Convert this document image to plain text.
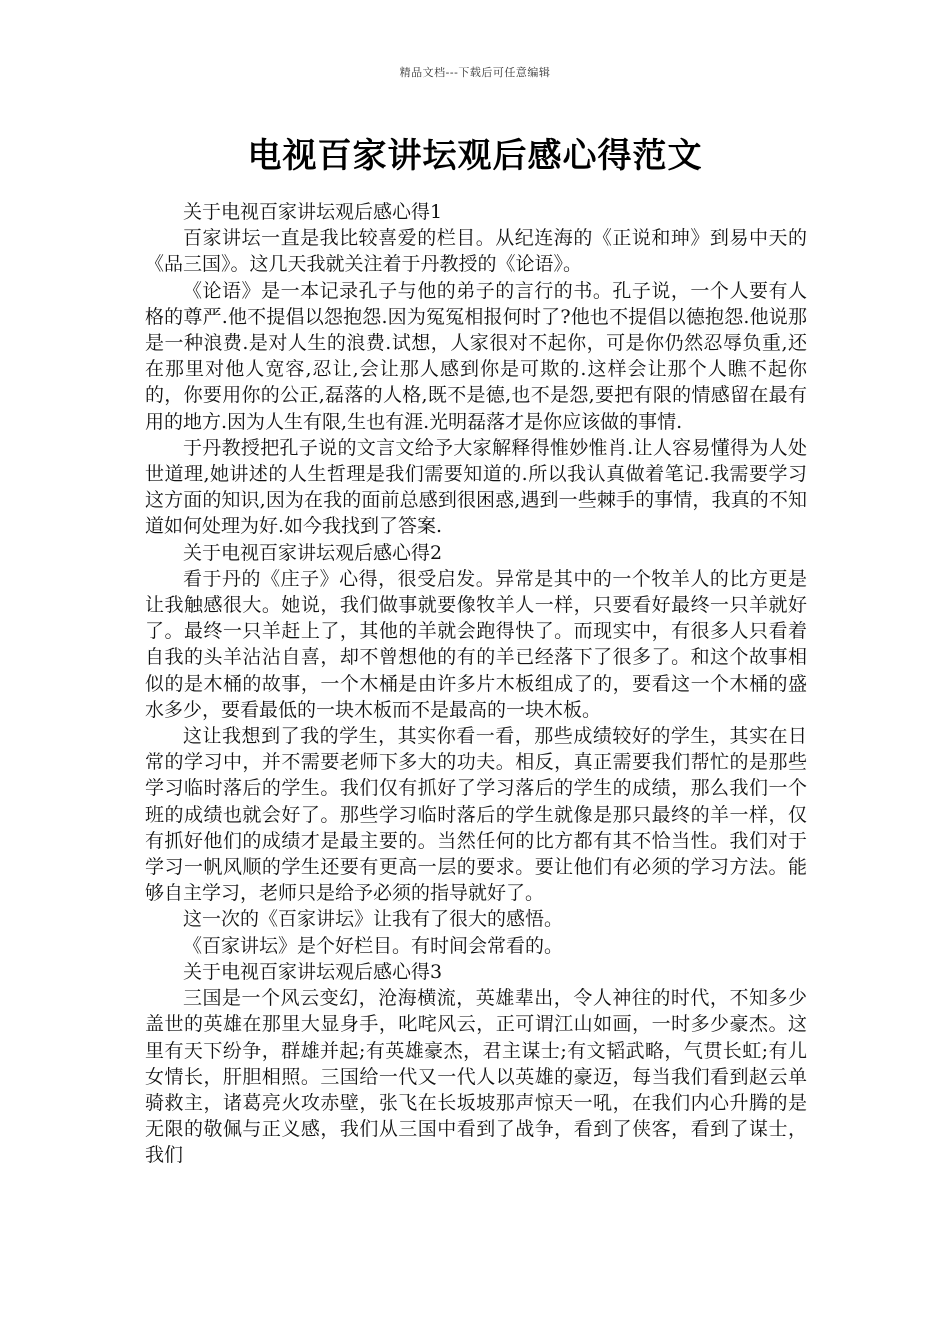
精品文档---下载后可任意编辑
电视百家讲坛观后感心得范文

关于电视百家讲坛观后感心得1

百家讲坛一直是我比较喜爱的栏目。从纪连海的《正说和珅》到易中天的《品三国》。这几天我就关注着于丹教授的《论语》。

《论语》是一本记录孔子与他的弟子的言行的书。孔子说，一个人要有人格的尊严.他不提倡以怨抱怨.因为冤冤相报何时了?他也不提倡以德抱怨.他说那是一种浪费.是对人生的浪费.试想，人家很对不起你，可是你仍然忍辱负重,还在那里对他人宽容,忍让,会让那人感到你是可欺的.这样会让那个人瞧不起你的，你要用你的公正,磊落的人格,既不是德,也不是怨,要把有限的情感留在最有用的地方.因为人生有限,生也有涯.光明磊落才是你应该做的事情.

于丹教授把孔子说的文言文给予大家解释得惟妙惟肖.让人容易懂得为人处世道理,她讲述的人生哲理是我们需要知道的.所以我认真做着笔记.我需要学习这方面的知识,因为在我的面前总感到很困惑,遇到一些棘手的事情，我真的不知道如何处理为好.如今我找到了答案.

关于电视百家讲坛观后感心得2

看于丹的《庄子》心得，很受启发。异常是其中的一个牧羊人的比方更是让我触感很大。她说，我们做事就要像牧羊人一样，只要看好最终一只羊就好了。最终一只羊赶上了，其他的羊就会跑得快了。而现实中，有很多人只看着自我的头羊沾沾自喜，却不曾想他的有的羊已经落下了很多了。和这个故事相似的是木桶的故事，一个木桶是由许多片木板组成了的，要看这一个木桶的盛水多少，要看最低的一块木板而不是最高的一块木板。

这让我想到了我的学生，其实你看一看，那些成绩较好的学生，其实在日常的学习中，并不需要老师下多大的功夫。相反，真正需要我们帮忙的是那些学习临时落后的学生。我们仅有抓好了学习落后的学生的成绩，那么我们一个班的成绩也就会好了。那些学习临时落后的学生就像是那只最终的羊一样，仅有抓好他们的成绩才是最主要的。当然任何的比方都有其不恰当性。我们对于学习一帆风顺的学生还要有更高一层的要求。要让他们有必须的学习方法。能够自主学习，老师只是给予必须的指导就好了。

这一次的《百家讲坛》让我有了很大的感悟。

《百家讲坛》是个好栏目。有时间会常看的。

关于电视百家讲坛观后感心得3

三国是一个风云变幻，沧海横流，英雄辈出，令人神往的时代，不知多少盖世的英雄在那里大显身手，叱咤风云，正可谓江山如画，一时多少豪杰。这里有天下纷争，群雄并起;有英雄豪杰，君主谋士;有文韬武略，气贯长虹;有儿女情长，肝胆相照。三国给一代又一代人以英雄的豪迈，每当我们看到赵云单骑救主，诸葛亮火攻赤壁，张飞在长坂坡那声惊天一吼，在我们内心升腾的是无限的敬佩与正义感，我们从三国中看到了战争，看到了侠客，看到了谋士，我们
